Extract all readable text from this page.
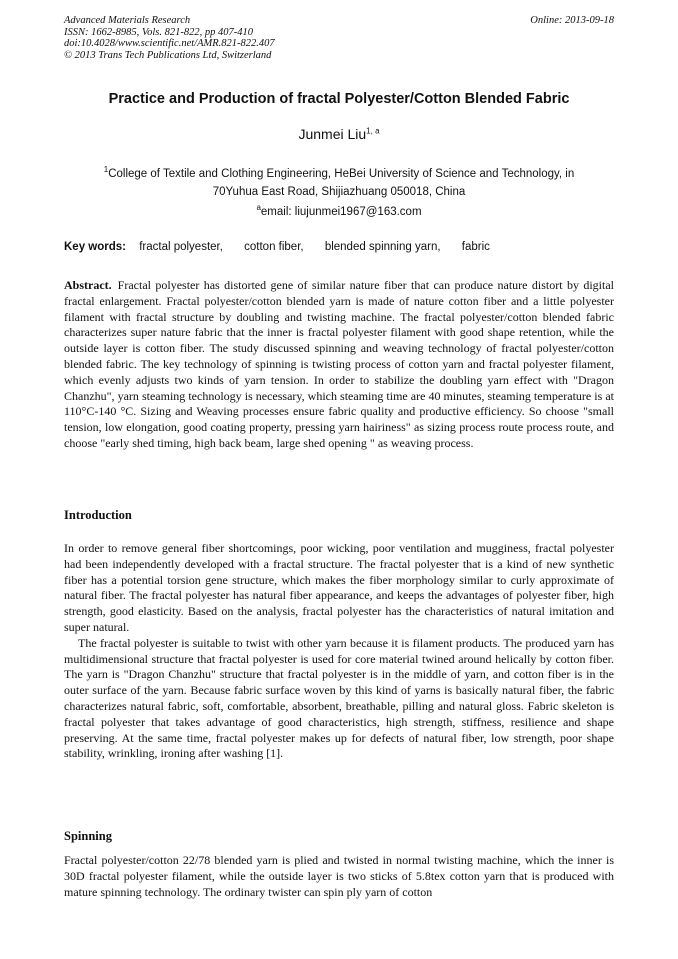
Advanced Materials Research
ISSN: 1662-8985, Vols. 821-822, pp 407-410
doi:10.4028/www.scientific.net/AMR.821-822.407
© 2013 Trans Tech Publications Ltd, Switzerland
Online: 2013-09-18
Practice and Production of fractal Polyester/Cotton Blended Fabric
Junmei Liu$^{1, a}$
$^1$College of Textile and Clothing Engineering, HeBei University of Science and Technology, in
70Yuhua East Road, Shijiazhuang 050018, China
$^a$email: liujunmei1967@163.com
Key words: fractal polyester, cotton fiber, blended spinning yarn, fabric

Abstract. Fractal polyester has distorted gene of similar nature fiber that can produce nature distort by digital fractal enlargement. Fractal polyester/cotton blended yarn is made of nature cotton fiber and a little polyester filament with fractal structure by doubling and twisting machine. The fractal polyester/cotton blended fabric characterizes super nature fabric that the inner is fractal polyester filament with good shape retention, while the outside layer is cotton fiber. The study discussed spinning and weaving technology of fractal polyester/cotton blended fabric. The key technology of spinning is twisting process of cotton yarn and fractal polyester filament, which evenly adjusts two kinds of yarn tension. In order to stabilize the doubling yarn effect with "Dragon Chanzhu", yarn steaming technology is necessary, which steaming time are 40 minutes, steaming temperature is at 110°C-140 °C. Sizing and Weaving processes ensure fabric quality and productive efficiency. So choose "small tension, low elongation, good coating property, pressing yarn hairiness" as sizing process route process route, and choose "early shed timing, high back beam, large shed opening " as weaving process.

Introduction

In order to remove general fiber shortcomings, poor wicking, poor ventilation and mugginess, fractal polyester had been independently developed with a fractal structure. The fractal polyester that is a kind of new synthetic fiber has a potential torsion gene structure, which makes the fiber morphology similar to curly approximate of natural fiber. The fractal polyester has natural fiber appearance, and keeps the advantages of polyester fiber, high strength, good elasticity. Based on the analysis, fractal polyester has the characteristics of natural imitation and super natural.

The fractal polyester is suitable to twist with other yarn because it is filament products. The produced yarn has multidimensional structure that fractal polyester is used for core material twined around helically by cotton fiber. The yarn is "Dragon Chanzhu" structure that fractal polyester is in the middle of yarn, and cotton fiber is in the outer surface of the yarn. Because fabric surface woven by this kind of yarns is basically natural fiber, the fabric characterizes natural fabric, soft, comfortable, absorbent, breathable, pilling and natural gloss. Fabric skeleton is fractal polyester that takes advantage of good characteristics, high strength, stiffness, resilience and shape preserving. At the same time, fractal polyester makes up for defects of natural fiber, low strength, poor shape stability, wrinkling, ironing after washing [1].

Spinning

Fractal polyester/cotton 22/78 blended yarn is plied and twisted in normal twisting machine, which the inner is 30D fractal polyester filament, while the outside layer is two sticks of 5.8tex cotton yarn that is produced with mature spinning technology. The ordinary twister can spin ply yarn of cotton
